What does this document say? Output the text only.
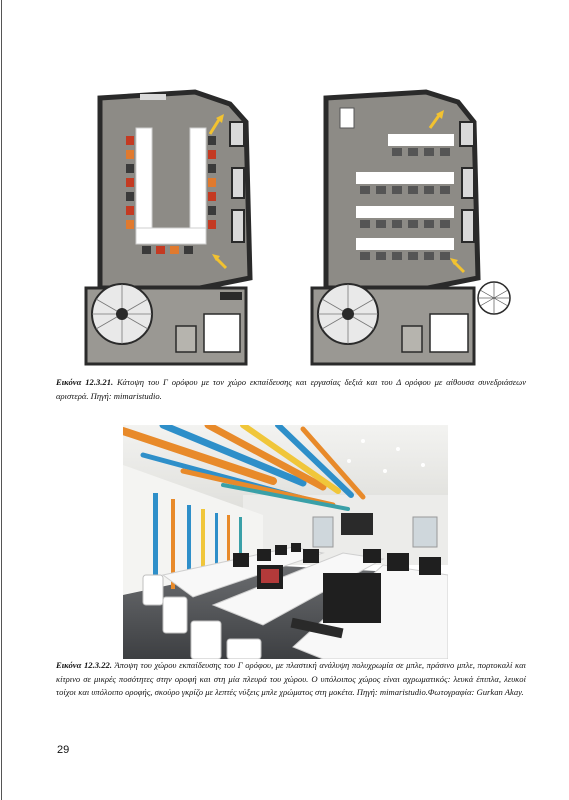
Εικόνα 12.3.21. Κάτοψη του Γ ορόφου με τον χώρο εκπαίδευσης και εργασίας δεξιά και του Δ ορόφου με αίθουσα συνεδριάσεων αριστερά. Πηγή: mimaristudio.

Εικόνα 12.3.22. Άποψη του χώρου εκπαίδευσης του Γ ορόφου, με πλαστική ανάλυψη πολυχρωμία σε μπλε, πράσινο μπλε, πορτοκαλί και κίτρινο σε μικρές ποσότητες στην οροφή και στη μία πλευρά του χώρου. Ο υπόλοιπος χώρος είναι αχρωματικός: λευκά έπιπλα, λευκοί τοίχοι και υπόλοιπο οροφής, σκούρο γκρίζο με λεπτές νύξεις μπλε χρώματος στη μοκέτα. Πηγή: mimaristudio.Φωτογραφία: Gurkan Akay.

29
